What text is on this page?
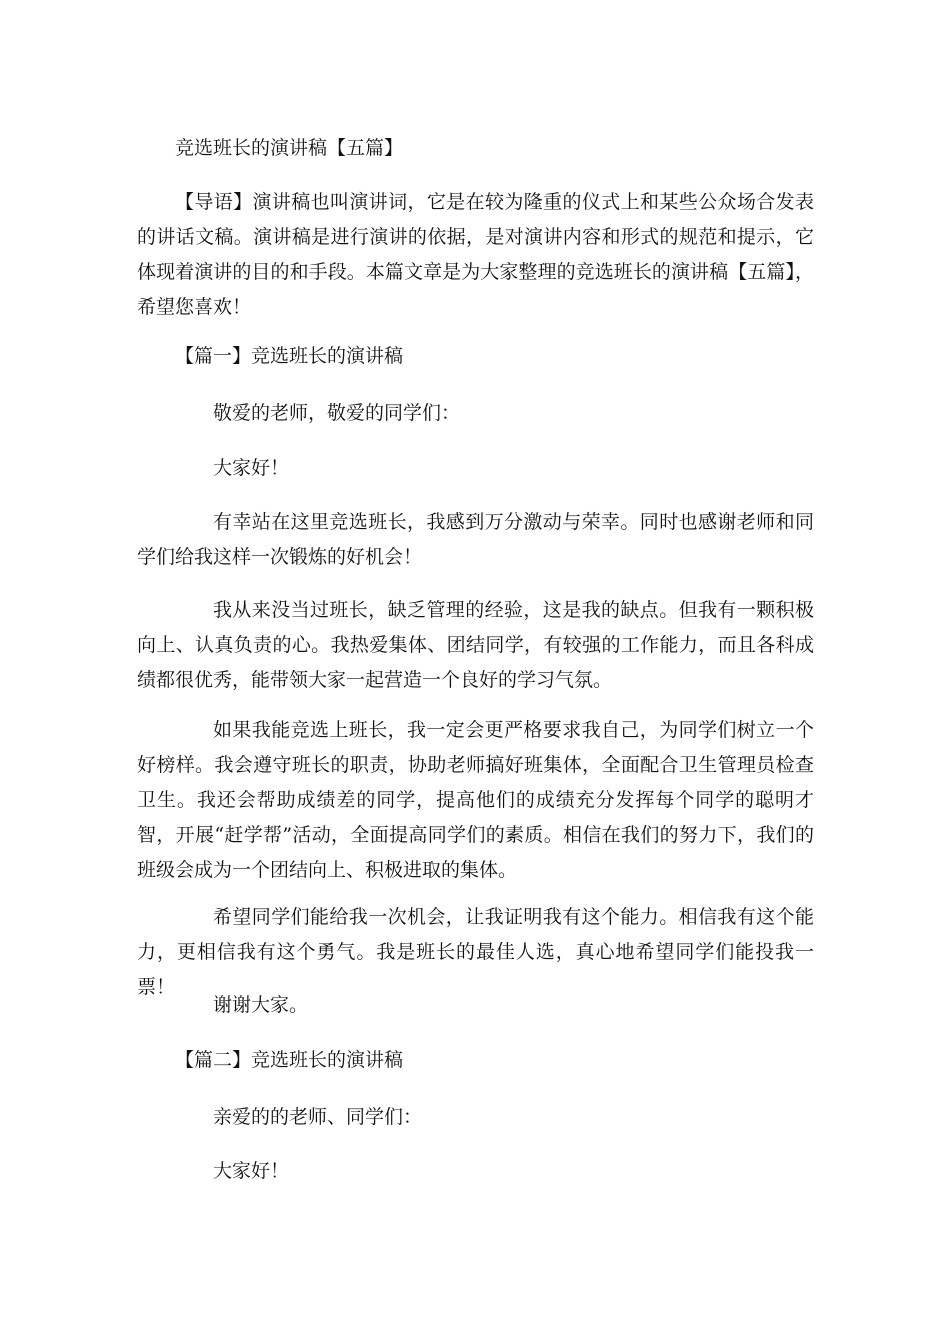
竞选班长的演讲稿【五篇】

【导语】演讲稿也叫演讲词，它是在较为隆重的仪式上和某些公众场合发表的讲话文稿。演讲稿是进行演讲的依据，是对演讲内容和形式的规范和提示，它体现着演讲的目的和手段。本篇文章是为大家整理的竞选班长的演讲稿【五篇】，希望您喜欢！

【篇一】竞选班长的演讲稿

敬爱的老师，敬爱的同学们：

大家好！

有幸站在这里竞选班长，我感到万分激动与荣幸。同时也感谢老师和同学们给我这样一次锻炼的好机会！

我从来没当过班长，缺乏管理的经验，这是我的缺点。但我有一颗积极向上、认真负责的心。我热爱集体、团结同学，有较强的工作能力，而且各科成绩都很优秀，能带领大家一起营造一个良好的学习气氛。

如果我能竞选上班长，我一定会更严格要求我自己，为同学们树立一个好榜样。我会遵守班长的职责，协助老师搞好班集体，全面配合卫生管理员检查卫生。我还会帮助成绩差的同学，提高他们的成绩充分发挥每个同学的聪明才智，开展“赶学帮”活动，全面提高同学们的素质。相信在我们的努力下，我们的班级会成为一个团结向上、积极进取的集体。

希望同学们能给我一次机会，让我证明我有这个能力。相信我有这个能力，更相信我有这个勇气。我是班长的最佳人选，真心地希望同学们能投我一票！

谢谢大家。

【篇二】竞选班长的演讲稿

亲爱的的老师、同学们：

大家好！
